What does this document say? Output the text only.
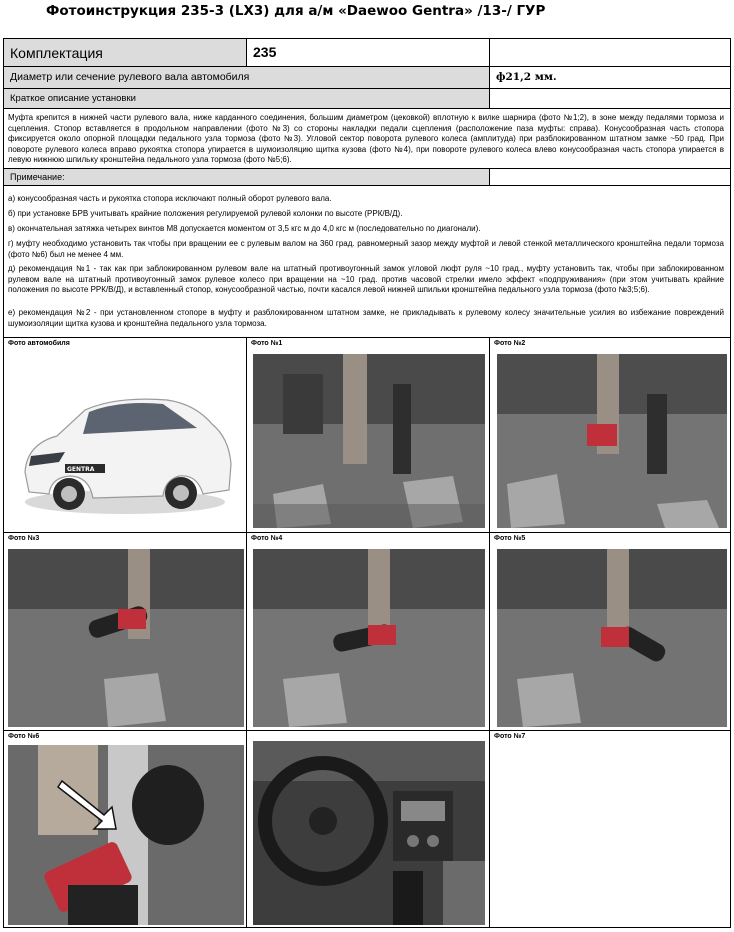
Фотоинструкция 235-3 (LX3) для а/м «Daewoo Gentra» /13-/ ГУР
Комплектация	235
Диаметр или сечение рулевого вала автомобиля	ф21,2 мм.
Краткое описание установки
Муфта крепится в нижней части рулевого вала, ниже карданного соединения, большим диаметром (цековкой) вплотную к вилке шарнира (фото №1;2), в зоне между педалями тормоза и сцепления. Стопор вставляется в продольном направлении (фото №3) со стороны накладки педали сцепления (расположение паза муфты: справа). Конусообразная часть стопора фиксируется около опорной площадки педального узла тормоза (фото №3). Угловой сектор поворота рулевого колеса (амплитуда) при разблокированном штатном замке ~50 град. При повороте рулевого колеса вправо рукоятка стопора упирается в шумоизоляцию щитка кузова (фото №4), при повороте рулевого колеса влево конусообразная часть стопора упирается в левую нижнюю шпильку кронштейна педального узла тормоза (фото №5;6).
Примечание:
а) конусообразная часть и рукоятка стопора исключают полный оборот рулевого вала.
б) при установке БРВ учитывать крайние положения регулируемой рулевой колонки по высоте (РРК/В/Д).
в) окончательная затяжка четырех винтов М8 допускается моментом от 3,5 кгс м до 4,0 кгс м (последовательно по диагонали).
г) муфту необходимо установить так чтобы при вращении ее с рулевым валом на 360 град. равномерный зазор между муфтой и левой стенкой металлического кронштейна педали тормоза (фото №6) был не менее 4 мм.
д) рекомендация №1 - так как при заблокированном рулевом вале на штатный противоугонный замок угловой люфт руля ~10 град., муфту установить так, чтобы при заблокированном рулевом вале на штатный противоугонный замок рулевое колесо при вращении на ~10 град. против часовой стрелки имело эффект «подпруживания» (при этом учитывать крайние положения по высоте РРК/В/Д), и вставленный стопор, конусообразной частью, почти касался левой нижней шпильки кронштейна педального узла тормоза (фото №3;5;6).
е) рекомендация №2 - при установленном стопоре в муфту и разблокированном штатном замке, не прикладывать к рулевому колесу значительные усилия во избежание повреждений шумоизоляции щитка кузова и кронштейна педального узла тормоза.
Фото автомобиля
GENTRA
Фото №1	Фото №2
Фото №3	Фото №4	Фото №5
Фото №6	Фото №7
